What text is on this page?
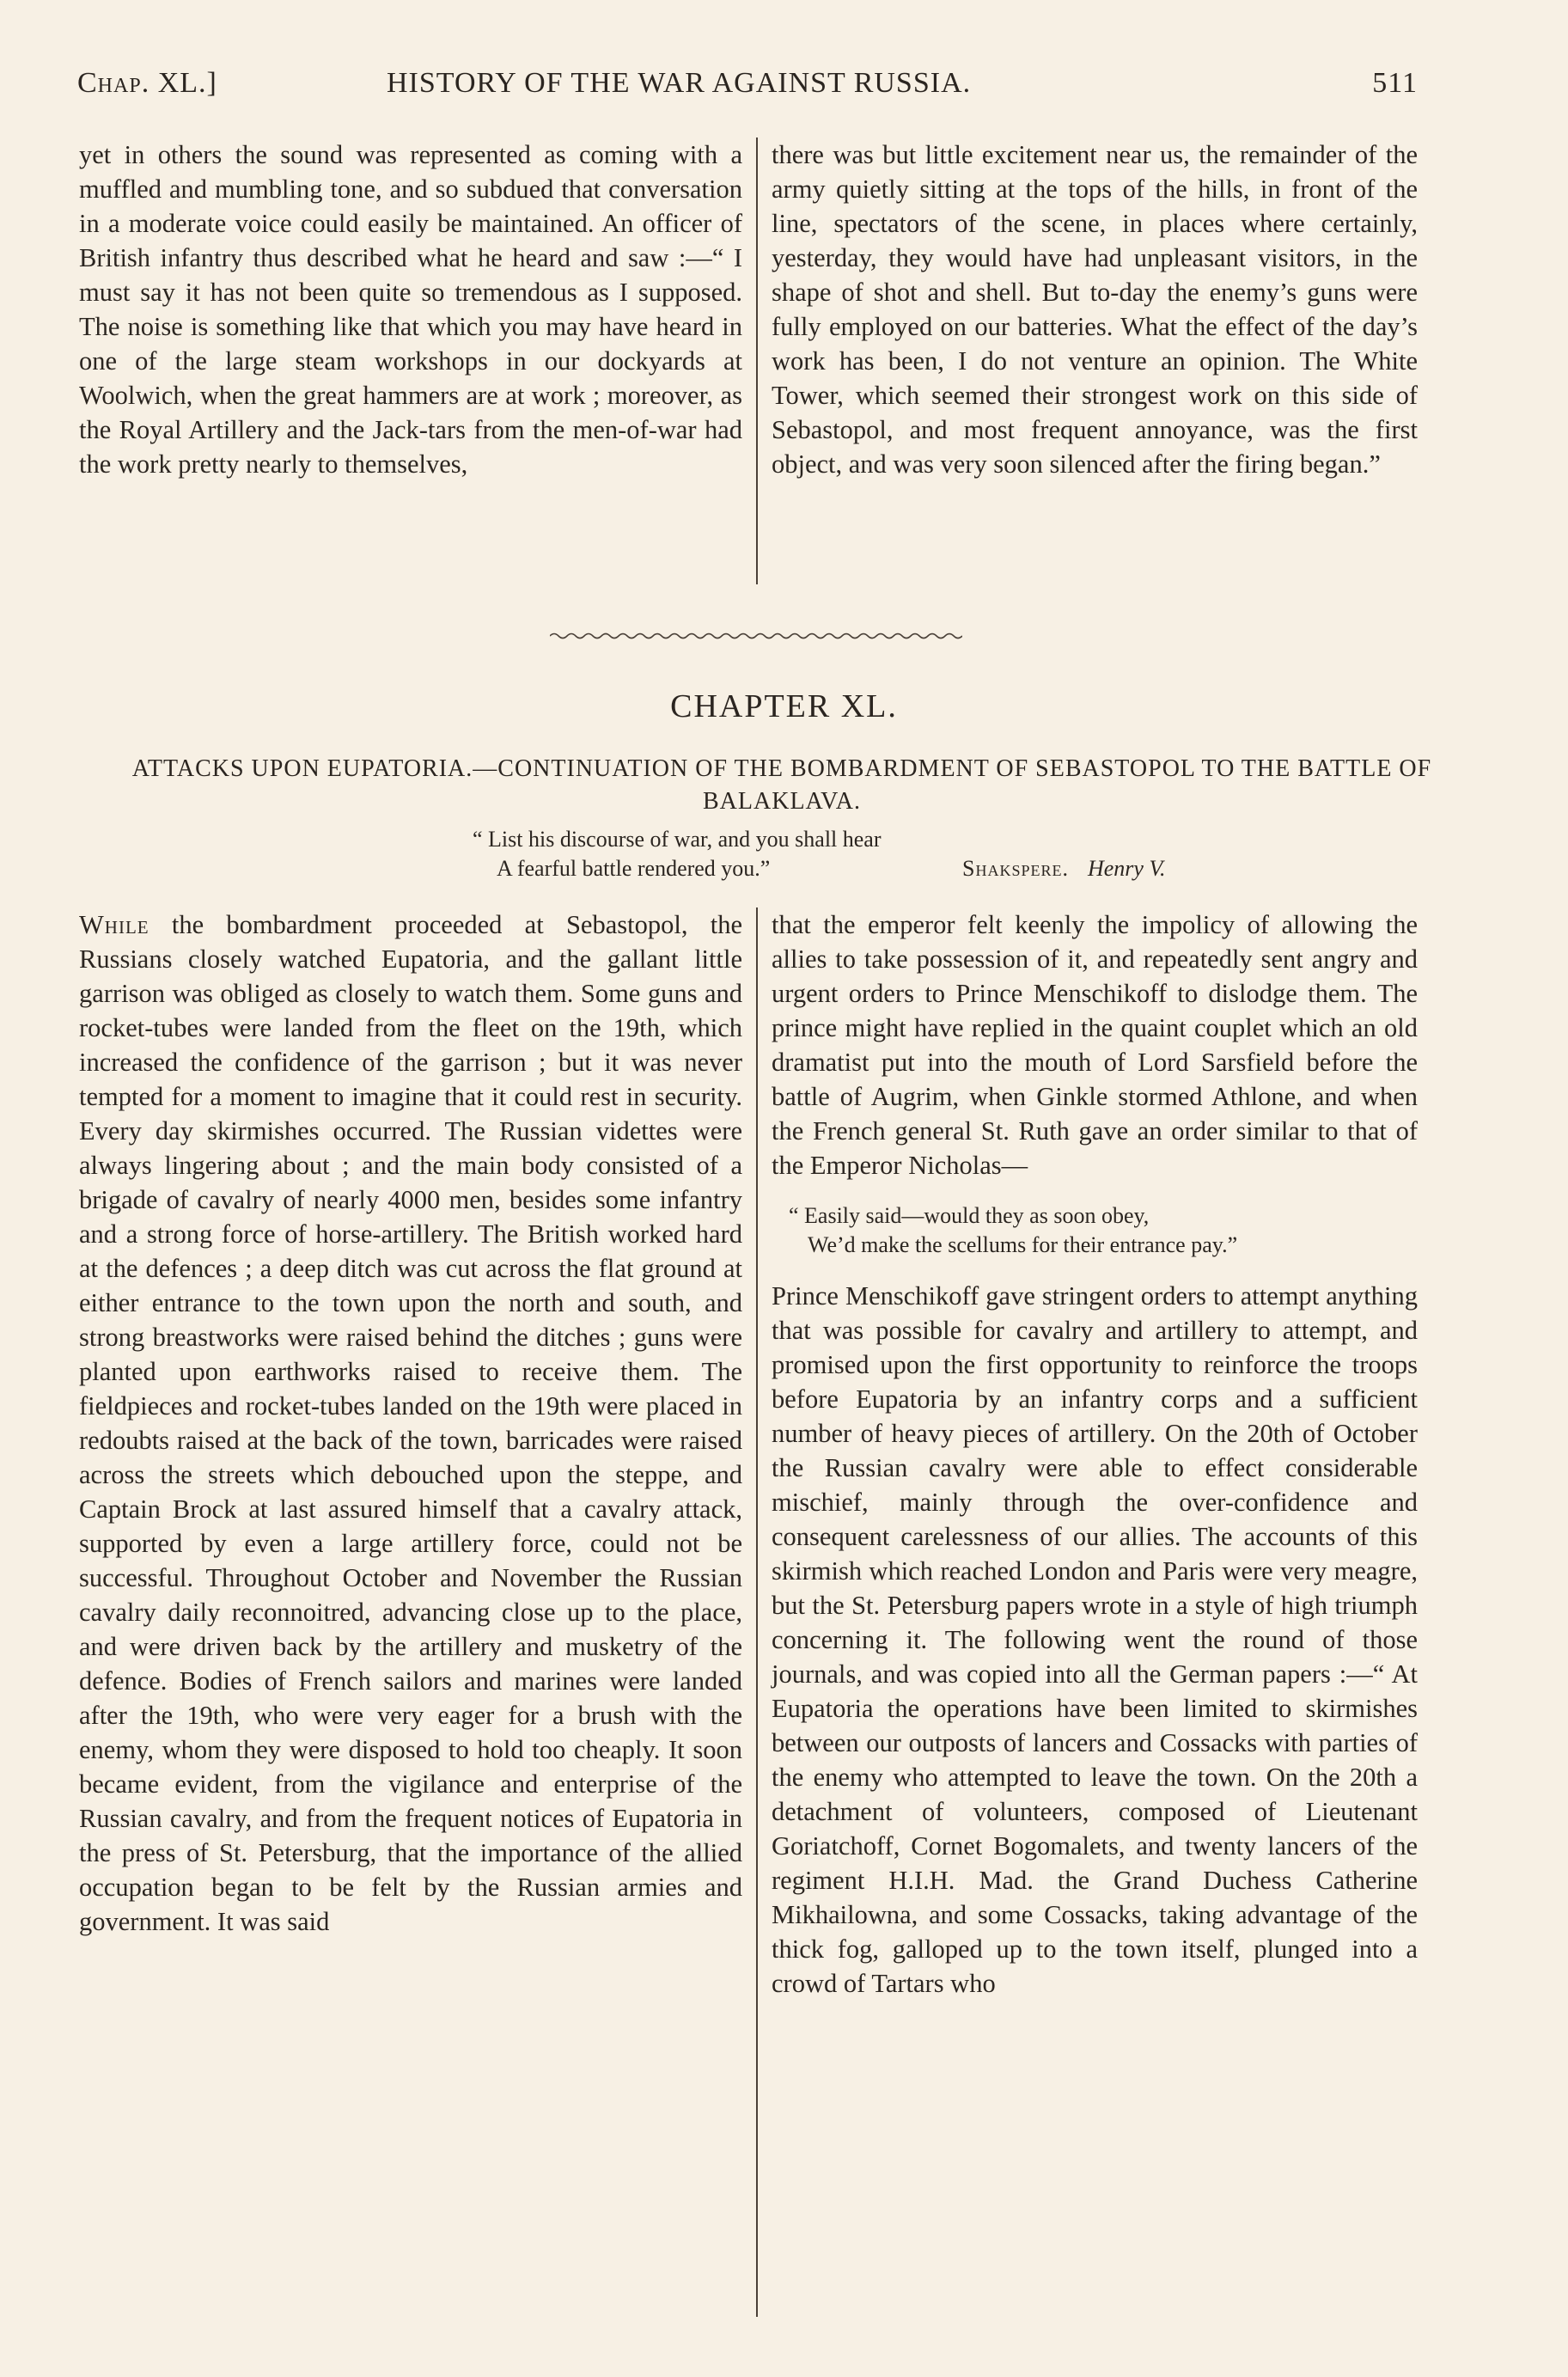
Chap. XL.]	HISTORY OF THE WAR AGAINST RUSSIA.	511

yet in others the sound was represented as coming with a muffled and mumbling tone, and so subdued that conversation in a moderate voice could easily be maintained. An officer of British infantry thus described what he heard and saw :—“ I must say it has not been quite so tremendous as I supposed. The noise is something like that which you may have heard in one of the large steam workshops in our dockyards at Woolwich, when the great hammers are at work ; moreover, as the Royal Artillery and the Jack-tars from the men-of-war had the work pretty nearly to themselves,

there was but little excitement near us, the remainder of the army quietly sitting at the tops of the hills, in front of the line, spectators of the scene, in places where certainly, yesterday, they would have had unpleasant visitors, in the shape of shot and shell. But to-day the enemy’s guns were fully employed on our batteries. What the effect of the day’s work has been, I do not venture an opinion. The White Tower, which seemed their strongest work on this side of Sebastopol, and most frequent annoyance, was the first object, and was very soon silenced after the firing began.”

CHAPTER XL.
ATTACKS UPON EUPATORIA.—CONTINUATION OF THE BOMBARDMENT OF SEBASTOPOL TO THE BATTLE OF BALAKLAVA.
“ List his discourse of war, and you shall hear
A fearful battle rendered you.”	Shakspere. Henry V.

While the bombardment proceeded at Sebastopol, the Russians closely watched Eupatoria, and the gallant little garrison was obliged as closely to watch them. Some guns and rocket-tubes were landed from the fleet on the 19th, which increased the confidence of the garrison ; but it was never tempted for a moment to imagine that it could rest in security. Every day skirmishes occurred. The Russian videttes were always lingering about ; and the main body consisted of a brigade of cavalry of nearly 4000 men, besides some infantry and a strong force of horse-artillery. The British worked hard at the defences ; a deep ditch was cut across the flat ground at either entrance to the town upon the north and south, and strong breastworks were raised behind the ditches ; guns were planted upon earthworks raised to receive them. The fieldpieces and rocket-tubes landed on the 19th were placed in redoubts raised at the back of the town, barricades were raised across the streets which debouched upon the steppe, and Captain Brock at last assured himself that a cavalry attack, supported by even a large artillery force, could not be successful. Throughout October and November the Russian cavalry daily reconnoitred, advancing close up to the place, and were driven back by the artillery and musketry of the defence. Bodies of French sailors and marines were landed after the 19th, who were very eager for a brush with the enemy, whom they were disposed to hold too cheaply. It soon became evident, from the vigilance and enterprise of the Russian cavalry, and from the frequent notices of Eupatoria in the press of St. Petersburg, that the importance of the allied occupation began to be felt by the Russian armies and government. It was said

that the emperor felt keenly the impolicy of allowing the allies to take possession of it, and repeatedly sent angry and urgent orders to Prince Menschikoff to dislodge them. The prince might have replied in the quaint couplet which an old dramatist put into the mouth of Lord Sarsfield before the battle of Augrim, when Ginkle stormed Athlone, and when the French general St. Ruth gave an order similar to that of the Emperor Nicholas—

“ Easily said—would they as soon obey,
We’d make the scellums for their entrance pay.”

Prince Menschikoff gave stringent orders to attempt anything that was possible for cavalry and artillery to attempt, and promised upon the first opportunity to reinforce the troops before Eupatoria by an infantry corps and a sufficient number of heavy pieces of artillery. On the 20th of October the Russian cavalry were able to effect considerable mischief, mainly through the over-confidence and consequent carelessness of our allies. The accounts of this skirmish which reached London and Paris were very meagre, but the St. Petersburg papers wrote in a style of high triumph concerning it. The following went the round of those journals, and was copied into all the German papers :—“ At Eupatoria the operations have been limited to skirmishes between our outposts of lancers and Cossacks with parties of the enemy who attempted to leave the town. On the 20th a detachment of volunteers, composed of Lieutenant Goriatchoff, Cornet Bogomalets, and twenty lancers of the regiment H.I.H. Mad. the Grand Duchess Catherine Mikhailowna, and some Cossacks, taking advantage of the thick fog, galloped up to the town itself, plunged into a crowd of Tartars who
